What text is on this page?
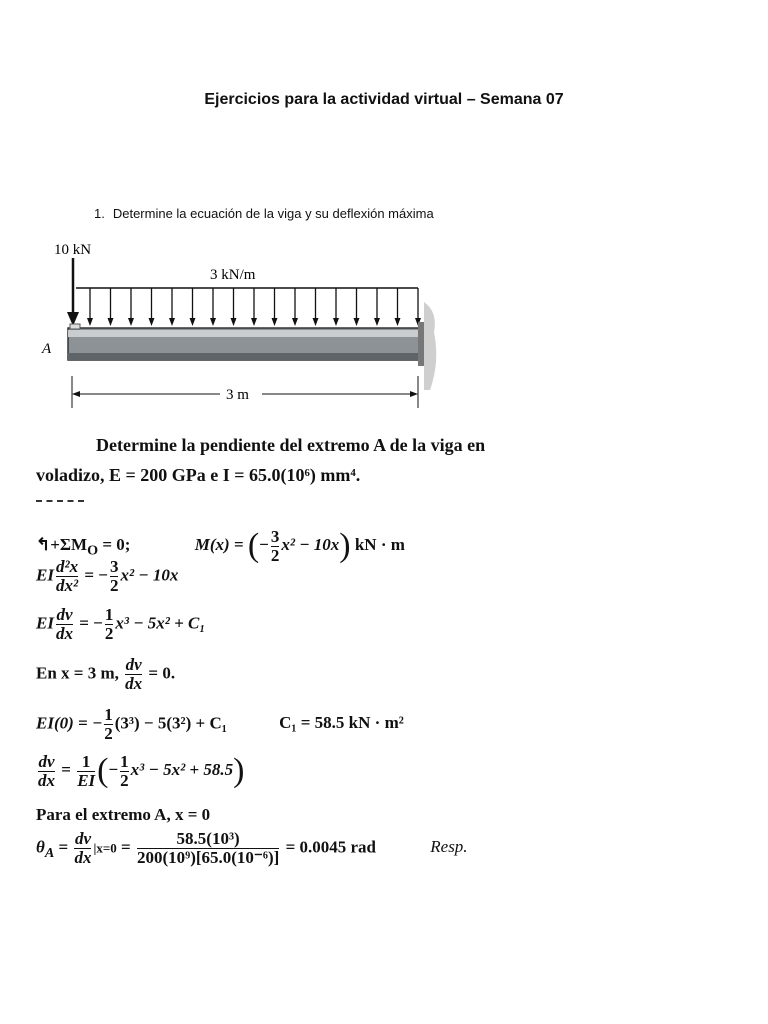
Ejercicios para la actividad virtual – Semana 07
1. Determine la ecuación de la viga y su deflexión máxima
10 kN
3 kN/m
A
3 m
Determine la pendiente del extremo A de la viga en
voladizo, E = 200 GPa e I = 65.0(10⁶) mm⁴.
$↰+\Sigma M_O = 0$;	M(x) = (− $\frac{3}{2} x^2 - 10x$) kN · m
EI $\frac{\text{d²x}}{\text{dx²}}$ = − $\frac{3}{2} x^2 - 10x$
EI $\frac{dv}{dx}$ = − $\frac{1}{2} x^3 - 5x^2 + C_1$
En x = 3 m, $\frac{dv}{dx} = 0$.
EI(0) = − $\frac{1}{2} (3^3) - 5(3^2) + C_1$	C₁ = 58.5 kN · m²
$\frac{dv}{dx} = \frac{1}{EI}$ (− $\frac{1}{2} x^3 - 5x^2 + 58.5$)
Para el extremo A, x = 0
$\theta_A = \frac{dv}{dx} |x=0 = \frac{\text{58.5(10³)}}{\text{200(10⁹)[65.0(10⁻⁶)]}} = 0.0045$ rad	Resp.
